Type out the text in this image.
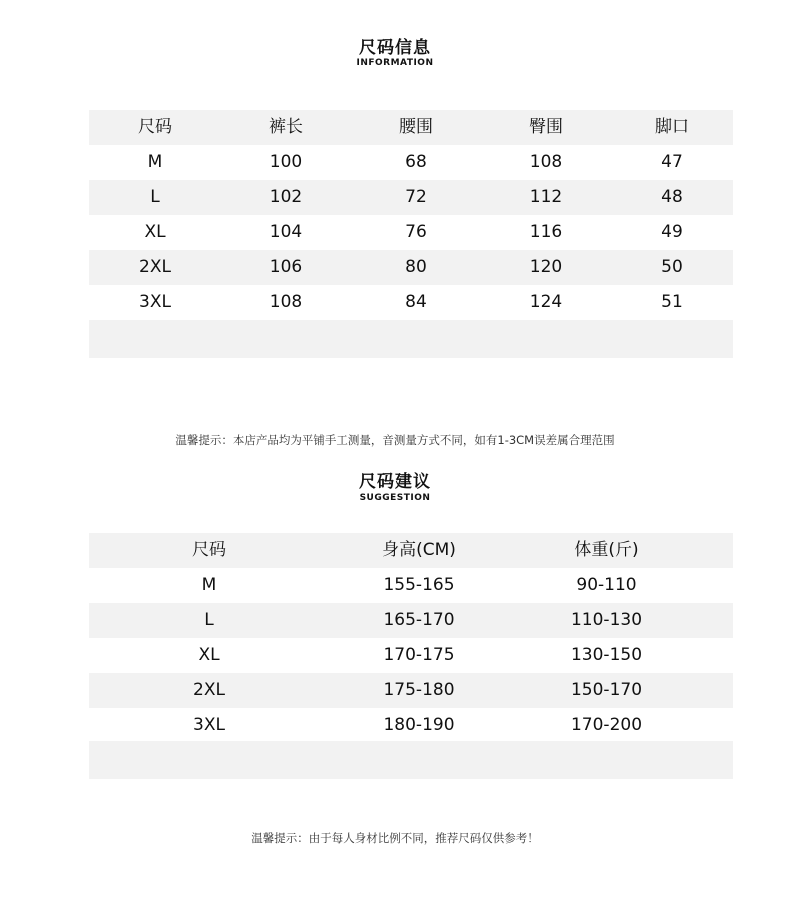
尺码信息
INFORMATION
尺码	裤长	腰围	臀围	脚口
M	100	68	108	47
L	102	72	112	48
XL	104	76	116	49
2XL	106	80	120	50
3XL	108	84	124	51
温馨提示：本店产品均为平铺手工测量，音测量方式不同，如有1-3CM误差属合理范围
尺码建议
SUGGESTION
尺码	身高(CM)	体重(斤)
M	155-165	90-110
L	165-170	110-130
XL	170-175	130-150
2XL	175-180	150-170
3XL	180-190	170-200
温馨提示：由于每人身材比例不同，推荐尺码仅供参考！
